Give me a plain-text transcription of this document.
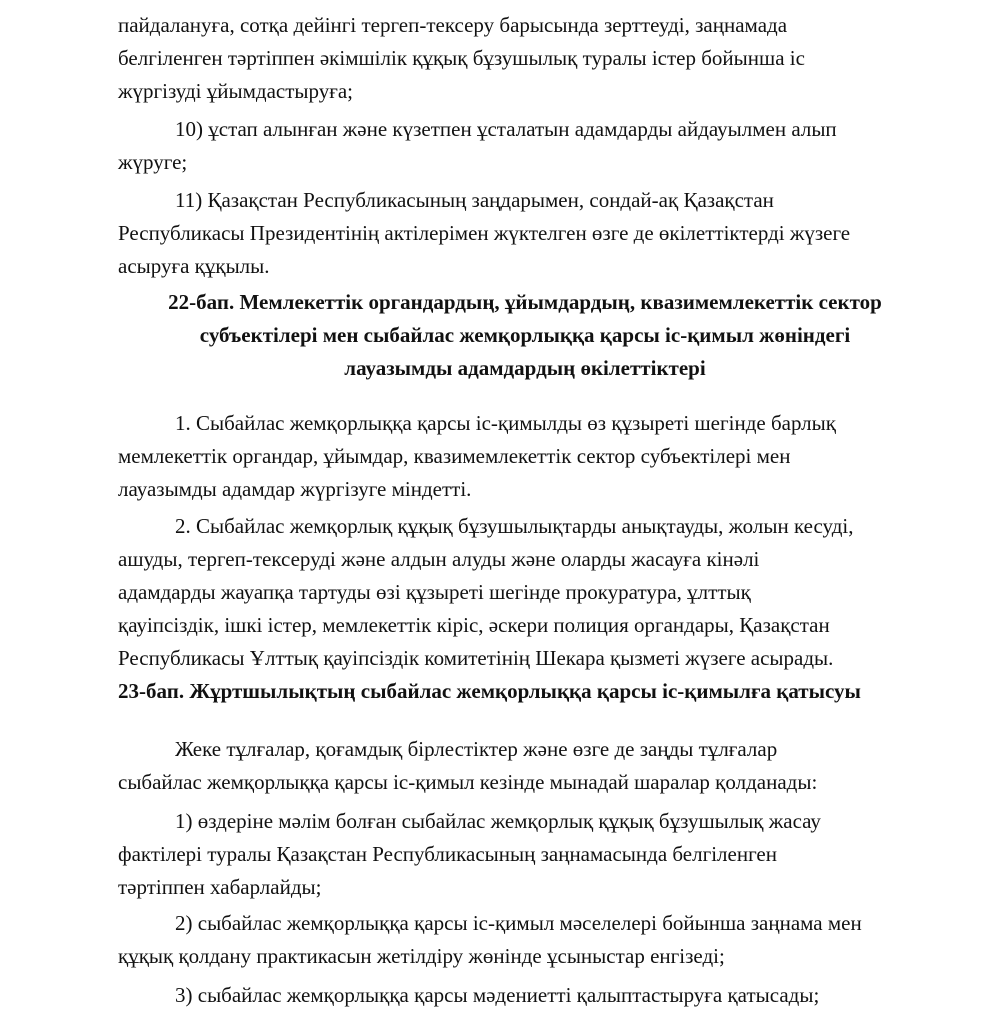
пайдалануға, сотқа дейінгі тергеп-тексеру барысында зерттеуді, заңнамада
белгіленген тәртіппен әкімшілік құқық бұзушылық туралы істер бойынша іс
жүргізуді ұйымдастыруға;
10) ұстап алынған және күзетпен ұсталатын адамдарды айдауылмен алып
жүруге;
11) Қазақстан Республикасының заңдарымен, сондай-ақ Қазақстан
Республикасы Президентінің актілерімен жүктелген өзге де өкілеттіктерді жүзеге
асыруға құқылы.
22-бап. Мемлекеттік органдардың, ұйымдардың, квазимемлекеттік сектор
субъектілері мен сыбайлас жемқорлыққа қарсы іс-қимыл жөніндегі
лауазымды адамдардың өкілеттіктері
1. Сыбайлас жемқорлыққа қарсы іс-қимылды өз құзыреті шегінде барлық
мемлекеттік органдар, ұйымдар, квазимемлекеттік сектор субъектілері мен
лауазымды адамдар жүргізуге міндетті.
2. Сыбайлас жемқорлық құқық бұзушылықтарды анықтауды, жолын кесуді,
ашуды, тергеп-тексеруді және алдын алуды және оларды жасауға кінәлі
адамдарды жауапқа тартуды өзі құзыреті шегінде прокуратура, ұлттық
қауіпсіздік, ішкі істер, мемлекеттік кіріс, әскери полиция органдары, Қазақстан
Республикасы Ұлттық қауіпсіздік комитетінің Шекара қызметі жүзеге асырады.
23-бап. Жұртшылықтың сыбайлас жемқорлыққа қарсы іс-қимылға қатысуы
Жеке тұлғалар, қоғамдық бірлестіктер және өзге де заңды тұлғалар
сыбайлас жемқорлыққа қарсы іс-қимыл кезінде мынадай шаралар қолданады:
1) өздеріне мәлім болған сыбайлас жемқорлық құқық бұзушылық жасау
фактілері туралы Қазақстан Республикасының заңнамасында белгіленген
тәртіппен хабарлайды;
2) сыбайлас жемқорлыққа қарсы іс-қимыл мәселелері бойынша заңнама мен
құқық қолдану практикасын жетілдіру жөнінде ұсыныстар енгізеді;
3) сыбайлас жемқорлыққа қарсы мәдениетті қалыптастыруға қатысады;
